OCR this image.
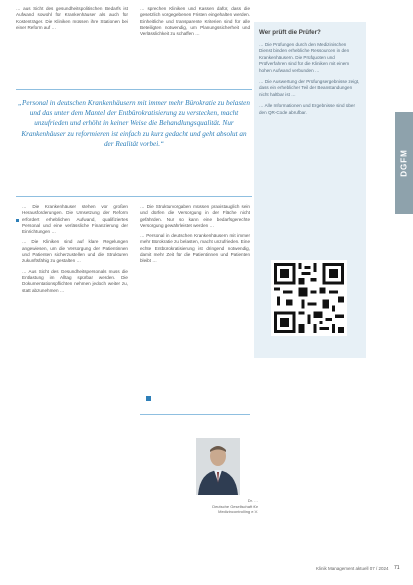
… aus Sicht des gesundheitspolitischen Bedarfs ist Aufwand sowohl für Krankenhäuser als auch für Kostenträger. Die Kliniken müssen ihre Stationen bei einer Reform auf …

… sprechen Kliniken und Kassen dafür, dass die gesetzlich vorgegebenen Fristen eingehalten werden. Einheitliche und transparente Kriterien sind für alle Beteiligten notwendig, um Planungssicherheit und Verlässlichkeit zu schaffen …

„Personal in deutschen Krankenhäusern mit immer mehr Bürokratie zu belasten und das unter dem Mantel der Entbürokratisierung zu verstecken, macht unzufrieden und erhöht in keiner Weise die Behandlungsqualität. Nur Krankenhäuser zu reformieren ist einfach zu kurz gedacht und geht absolut an der Realität vorbei.“

… Die Krankenhäuser stehen vor großen Herausforderungen. Die Umsetzung der Reform erfordert erheblichen Aufwand, qualifiziertes Personal und eine verlässliche Finanzierung der Einrichtungen …

… Die Kliniken sind auf klare Regelungen angewiesen, um die Versorgung der Patientinnen und Patienten sicherzustellen und die Strukturen zukunftsfähig zu gestalten …

… Aus Sicht des Gesundheitspersonals muss die Entlastung im Alltag spürbar werden. Die Dokumentationspflichten nehmen jedoch weiter zu, statt abzunehmen …

… Die Strukturvorgaben müssen praxistauglich sein und dürfen die Versorgung in der Fläche nicht gefährden. Nur so kann eine bedarfsgerechte Versorgung gewährleistet werden …

… Personal in deutschen Krankenhäusern mit immer mehr Bürokratie zu belasten, macht unzufrieden. Eine echte Entbürokratisierung ist dringend notwendig, damit mehr Zeit für die Patientinnen und Patienten bleibt …

Dr. …
Deutsche Gesellschaft für Medizincontrolling e.V.
Wer prüft die Prüfer?

… Die Prüfungen durch den Medizinischen Dienst binden erhebliche Ressourcen in den Krankenhäusern. Die Prüfquoten und Prüfverfahren sind für die Kliniken mit einem hohen Aufwand verbunden …

… Die Auswertung der Prüfungsergebnisse zeigt, dass ein erheblicher Teil der Beanstandungen nicht haltbar ist …

… Alle Informationen und Ergebnisse sind über den QR-Code abrufbar.

DGFM
Klinik Management aktuell 07 / 2024 71
